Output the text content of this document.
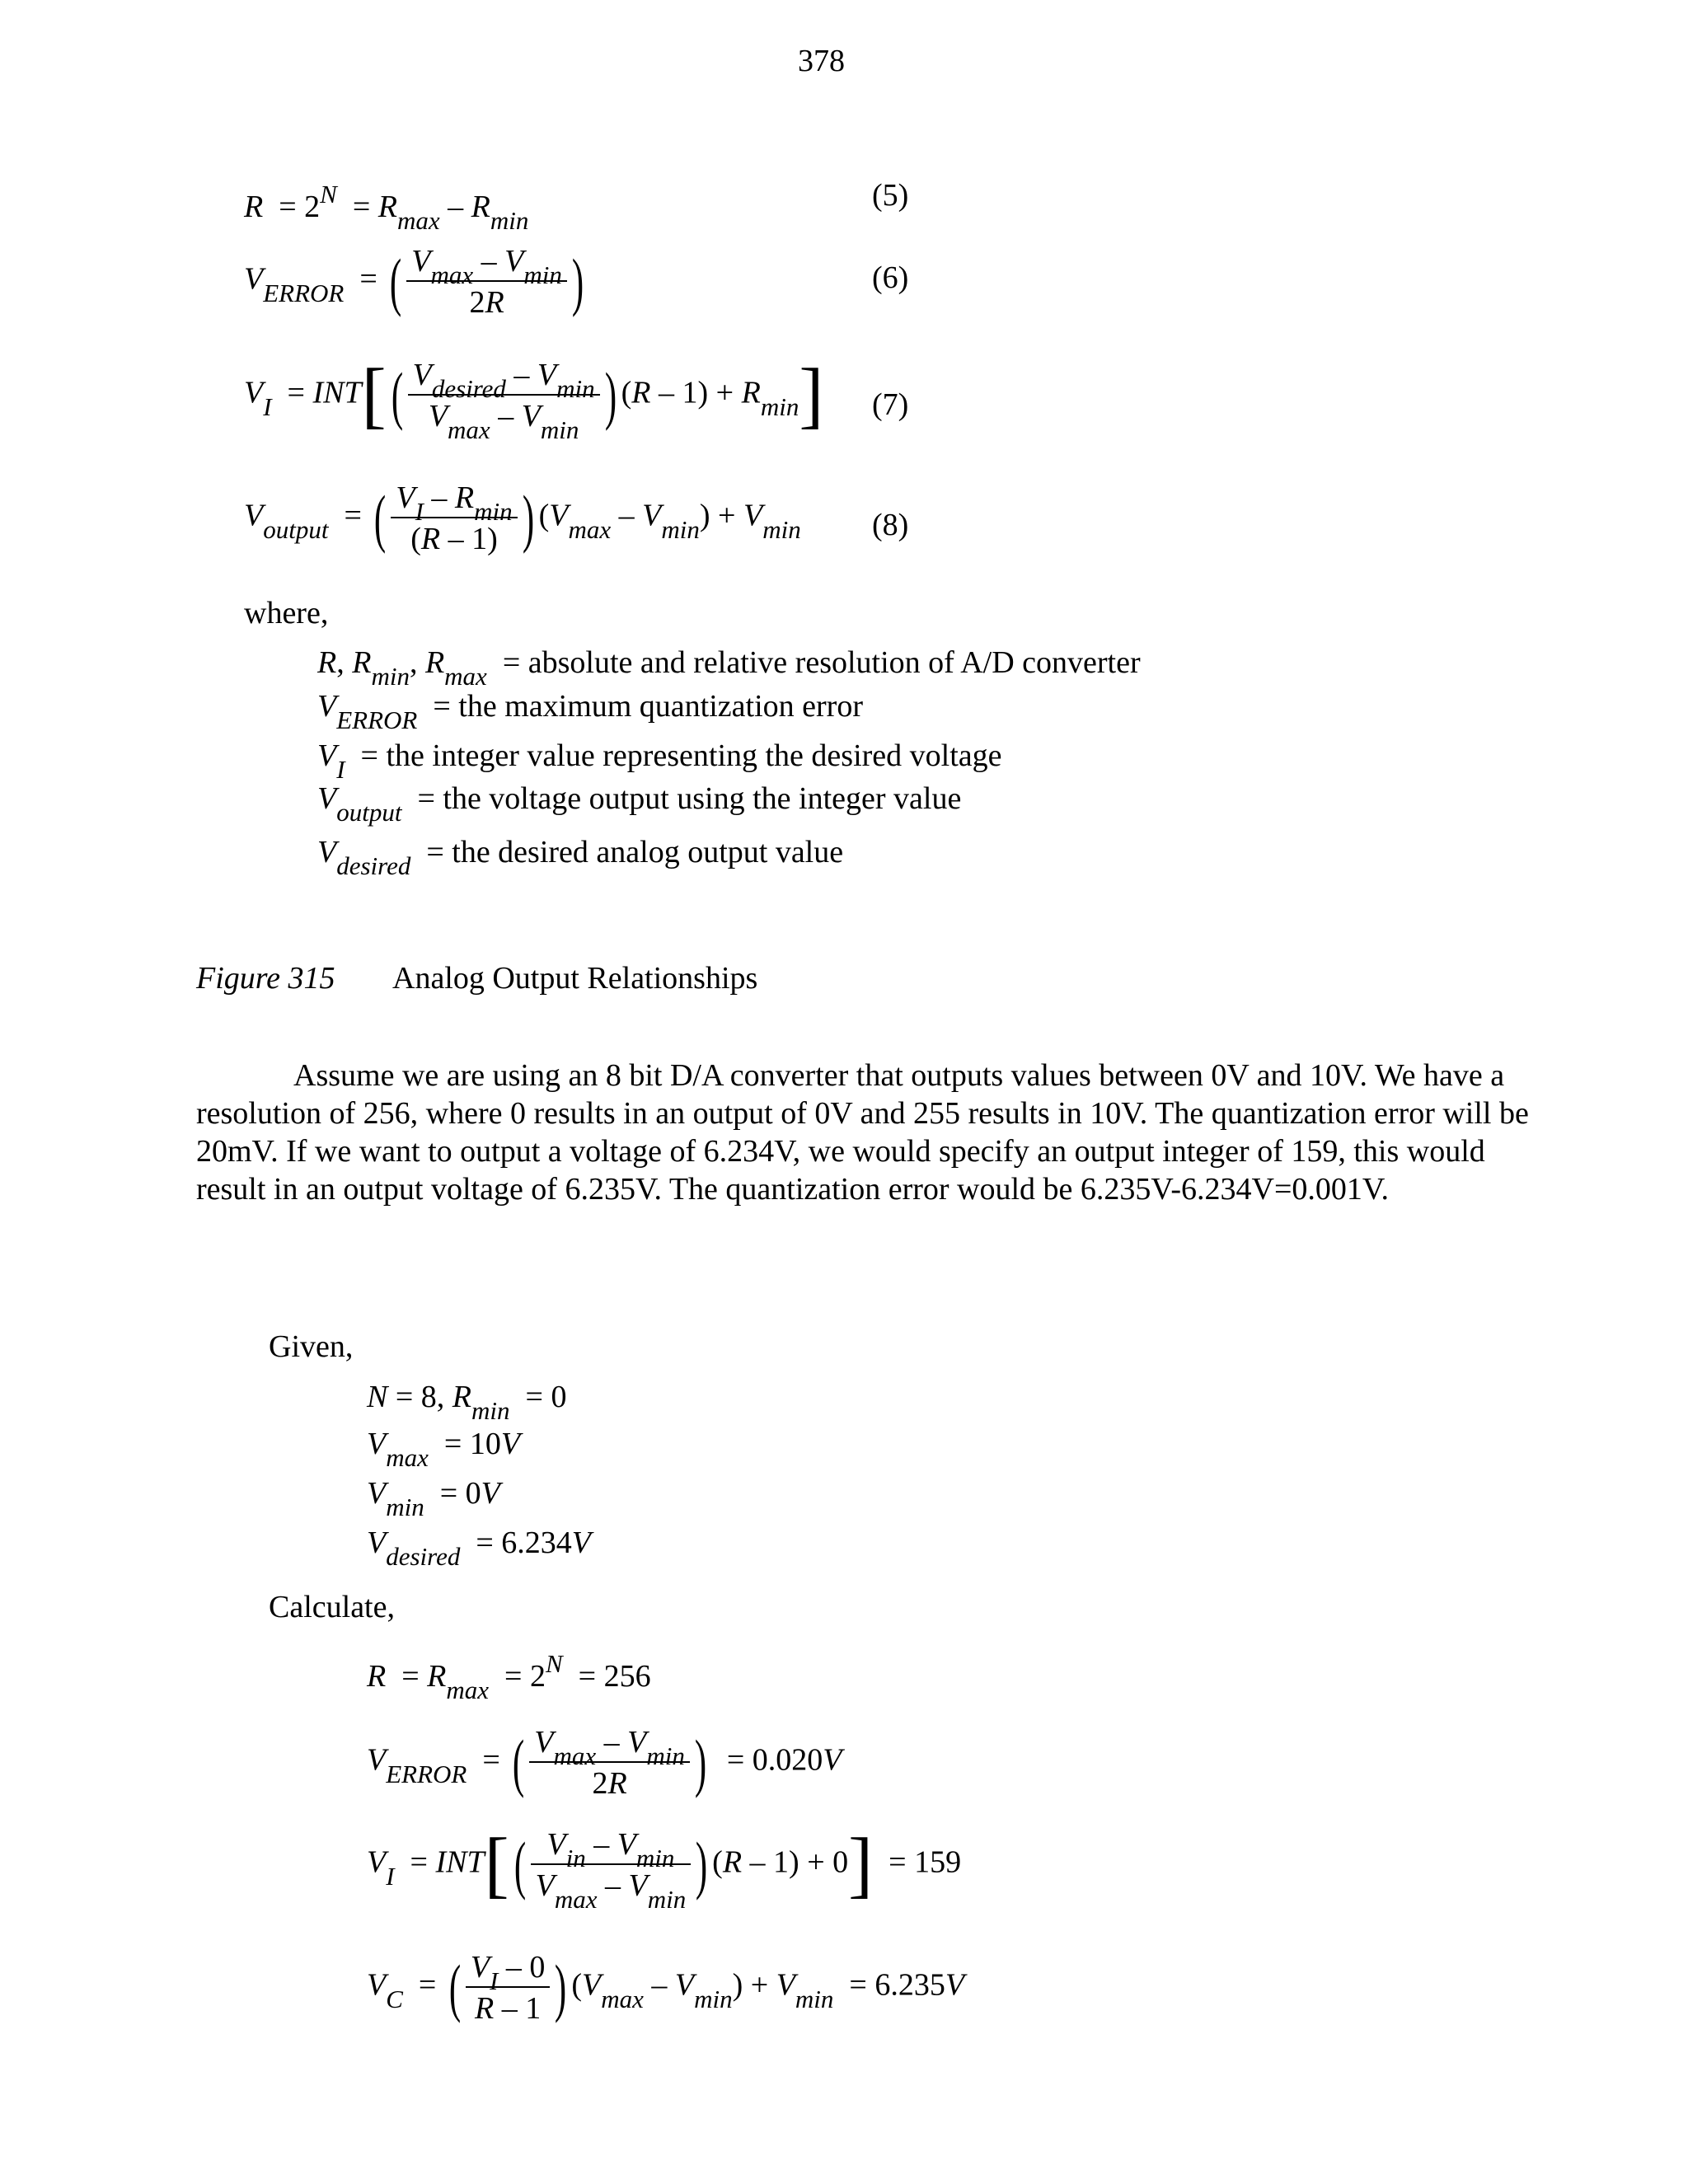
378
$R = 2^N = R_{max} - R_{min}$
(5)
$V_{ERROR}$  = ( $\frac{V_{max} - V_{min}}{2R}$ )	(6)
$V_I = INT[( \frac{V_{desired} - V_{min}}{V_{max} - V_{min}}$ ) $(R - 1) + R_{min}$] (7)
$V_{output}$  = ( $\frac{V_I - R_{min}}{(R - 1)}$ ) $(V_{max} - V_{min}) + V_{min}$ (8)
where,
R, $R_{min}$, $R_{max}$ = absolute and relative resolution of A/D converter
$V_{ERROR}$ = the maximum quantization error
$V_I$ = the integer value representing the desired voltage
$V_{output}$ = the voltage output using the integer value
$V_{desired}$ = the desired analog output value
Figure 315 Analog Output Relationships
Assume we are using an 8 bit D/A converter that outputs values between 0V and 10V. We have a resolution of 256, where 0 results in an output of 0V and 255 results in 10V. The quantization error will be 20mV. If we want to output a voltage of 6.234V, we would specify an output integer of 159, this would result in an output voltage of 6.235V. The quantization error would be 6.235V-6.234V=0.001V.
Given,
N = 8, $R_{min} = 0$
$V_{max} = 10V$
$V_{min} = 0V$
$V_{desired} = 6.234V$
Calculate,
$R = R_{max} = 2^N = 256$
$V_{ERROR}$  = ( $\frac{V_{max} - V_{min}}{2R}$ )  = 0.020V
$V_I = INT[( \frac{V_{in} - V_{min}}{V_{max} - V_{min}}$ ) (R – 1) + 0]  = 159
$V_C$  = ( $\frac{V_I - 0}{R - 1}$ ) $(V_{max} - V_{min}) + V_{min} = 6.235V$
